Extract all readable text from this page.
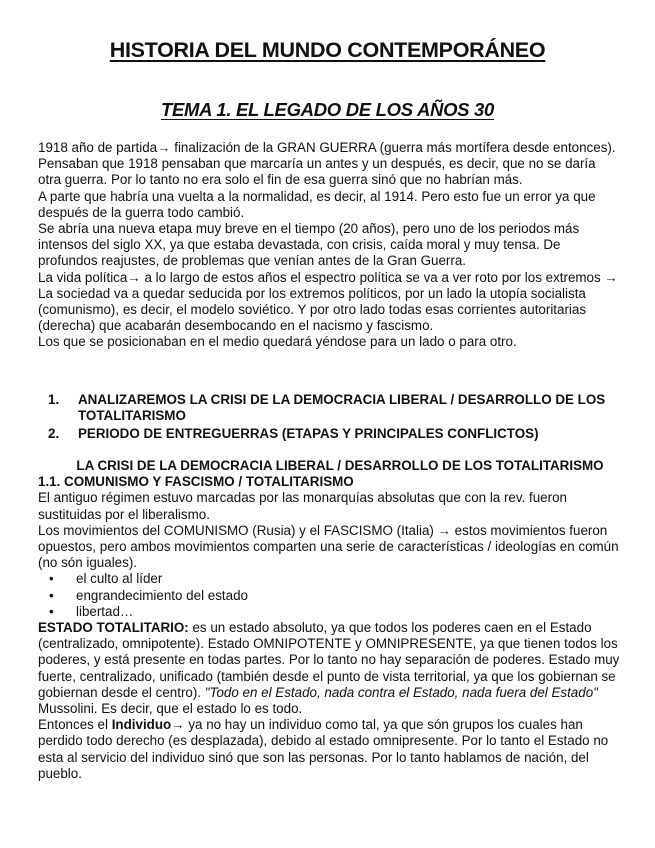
HISTORIA DEL MUNDO CONTEMPORÁNEO
TEMA 1. EL LEGADO DE LOS AÑOS 30

1918 año de partida→ finalización de la GRAN GUERRA (guerra más mortífera desde entonces).

Pensaban que 1918 pensaban que marcaría un antes y un después, es decir, que no se daría otra guerra. Por lo tanto no era solo el fin de esa guerra sinó que no habrían más.

A parte que habría una vuelta a la normalidad, es decir, al 1914. Pero esto fue un error ya que después de la guerra todo cambió.

Se abría una nueva etapa muy breve en el tiempo (20 años), pero uno de los periodos más intensos del siglo XX, ya que estaba devastada, con crisis, caída moral y muy tensa. De profundos reajustes, de problemas que venían antes de la Gran Guerra.

La vida política→ a lo largo de estos años el espectro política se va a ver roto por los extremos → La sociedad va a quedar seducida por los extremos políticos, por un lado la utopía socialista (comunismo), es decir, el modelo soviético. Y por otro lado todas esas corrientes autoritarias (derecha) que acabarán desembocando en el nacismo y fascismo.

Los que se posicionaban en el medio quedará yéndose para un lado o para otro.

1. ANALIZAREMOS LA CRISI DE LA DEMOCRACIA LIBERAL / DESARROLLO DE LOS TOTALITARISMO
2. PERIODO DE ENTREGUERRAS (ETAPAS Y PRINCIPALES CONFLICTOS)

LA CRISI DE LA DEMOCRACIA LIBERAL / DESARROLLO DE LOS TOTALITARISMO

1.1. COMUNISMO Y FASCISMO / TOTALITARISMO

El antiguo régimen estuvo marcadas por las monarquías absolutas que con la rev. fueron sustituidas por el liberalismo.

Los movimientos del COMUNISMO (Rusia) y el FASCISMO (Italia) → estos movimientos fueron opuestos, pero ambos movimientos comparten una serie de características / ideologías en común (no són iguales).

• el culto al líder
• engrandecimiento del estado
• libertad…

ESTADO TOTALITARIO: es un estado absoluto, ya que todos los poderes caen en el Estado (centralizado, omnipotente). Estado OMNIPOTENTE y OMNIPRESENTE, ya que tienen todos los poderes, y está presente en todas partes. Por lo tanto no hay separación de poderes. Estado muy fuerte, centralizado, unificado (también desde el punto de vista territorial, ya que los gobiernan se gobiernan desde el centro). "Todo en el Estado, nada contra el Estado, nada fuera del Estado" Mussolini. Es decir, que el estado lo es todo.

Entonces el Individuo→ ya no hay un individuo como tal, ya que són grupos los cuales han perdido todo derecho (es desplazada), debido al estado omnipresente. Por lo tanto el Estado no esta al servicio del individuo sinó que son las personas. Por lo tanto hablamos de nación, del pueblo.
